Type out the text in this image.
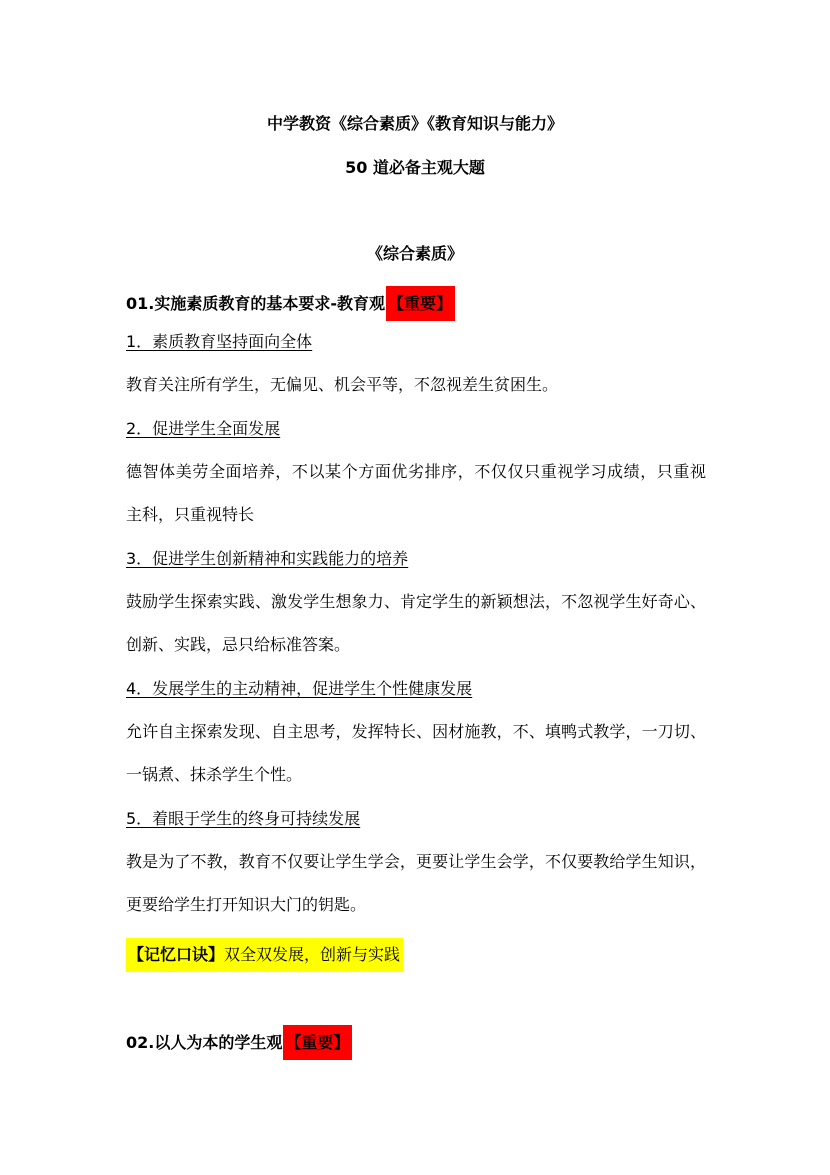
中学教资《综合素质》《教育知识与能力》
50 道必备主观大题
《综合素质》
01.实施素质教育的基本要求-教育观 【重要】
1．素质教育坚持面向全体
教育关注所有学生，无偏见、机会平等，不忽视差生贫困生。
2．促进学生全面发展
德智体美劳全面培养，不以某个方面优劣排序，不仅仅只重视学习成绩，只重视
主科，只重视特长
3．促进学生创新精神和实践能力的培养
鼓励学生探索实践、激发学生想象力、肯定学生的新颖想法，不忽视学生好奇心、
创新、实践，忌只给标准答案。
4．发展学生的主动精神，促进学生个性健康发展
允许自主探索发现、自主思考，发挥特长、因材施教，不、填鸭式教学，一刀切、
一锅煮、抹杀学生个性。
5．着眼于学生的终身可持续发展
教是为了不教，教育不仅要让学生学会，更要让学生会学，不仅要教给学生知识，
更要给学生打开知识大门的钥匙。
【记忆口诀】双全双发展，创新与实践
02.以人为本的学生观 【重要】
